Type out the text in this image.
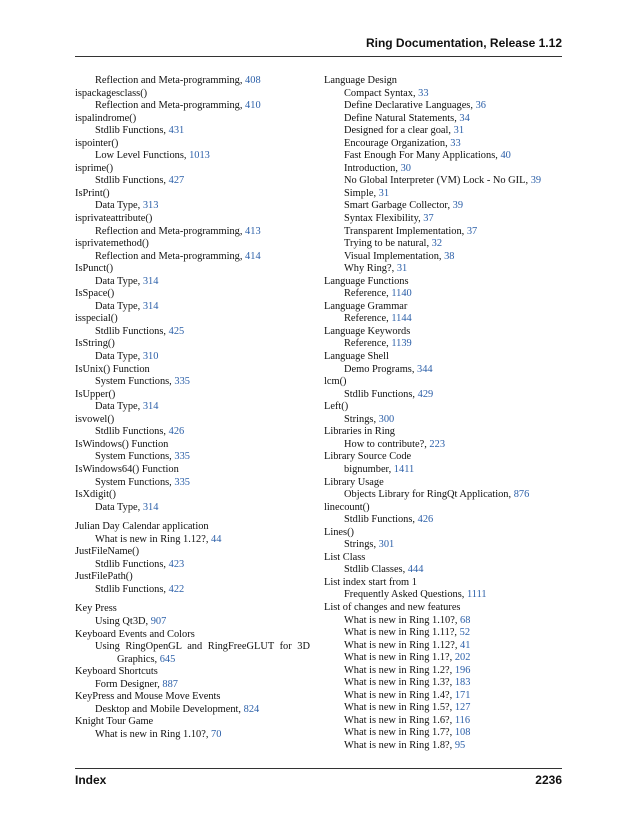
Ring Documentation, Release 1.12
Reflection and Meta-programming, 408
ispackagesclass()
Reflection and Meta-programming, 410
ispalindrome()
Stdlib Functions, 431
ispointer()
Low Level Functions, 1013
isprime()
Stdlib Functions, 427
IsPrint()
Data Type, 313
isprivateattribute()
Reflection and Meta-programming, 413
isprivatemethod()
Reflection and Meta-programming, 414
IsPunct()
Data Type, 314
IsSpace()
Data Type, 314
isspecial()
Stdlib Functions, 425
IsString()
Data Type, 310
IsUnix() Function
System Functions, 335
IsUpper()
Data Type, 314
isvowel()
Stdlib Functions, 426
IsWindows() Function
System Functions, 335
IsWindows64() Function
System Functions, 335
IsXdigit()
Data Type, 314
Julian Day Calendar application
What is new in Ring 1.12?, 44
JustFileName()
Stdlib Functions, 423
JustFilePath()
Stdlib Functions, 422
Key Press
Using Qt3D, 907
Keyboard Events and Colors
Using RingOpenGL and RingFreeGLUT for 3D
Graphics, 645
Keyboard Shortcuts
Form Designer, 887
KeyPress and Mouse Move Events
Desktop and Mobile Development, 824
Knight Tour Game
What is new in Ring 1.10?, 70
Language Design
Compact Syntax, 33
Define Declarative Languages, 36
Define Natural Statements, 34
Designed for a clear goal, 31
Encourage Organization, 33
Fast Enough For Many Applications, 40
Introduction, 30
No Global Interpreter (VM) Lock - No GIL, 39
Simple, 31
Smart Garbage Collector, 39
Syntax Flexibility, 37
Transparent Implementation, 37
Trying to be natural, 32
Visual Implementation, 38
Why Ring?, 31
Language Functions
Reference, 1140
Language Grammar
Reference, 1144
Language Keywords
Reference, 1139
Language Shell
Demo Programs, 344
lcm()
Stdlib Functions, 429
Left()
Strings, 300
Libraries in Ring
How to contribute?, 223
Library Source Code
bignumber, 1411
Library Usage
Objects Library for RingQt Application, 876
linecount()
Stdlib Functions, 426
Lines()
Strings, 301
List Class
Stdlib Classes, 444
List index start from 1
Frequently Asked Questions, 1111
List of changes and new features
What is new in Ring 1.10?, 68
What is new in Ring 1.11?, 52
What is new in Ring 1.12?, 41
What is new in Ring 1.1?, 202
What is new in Ring 1.2?, 196
What is new in Ring 1.3?, 183
What is new in Ring 1.4?, 171
What is new in Ring 1.5?, 127
What is new in Ring 1.6?, 116
What is new in Ring 1.7?, 108
What is new in Ring 1.8?, 95
Index	2236
